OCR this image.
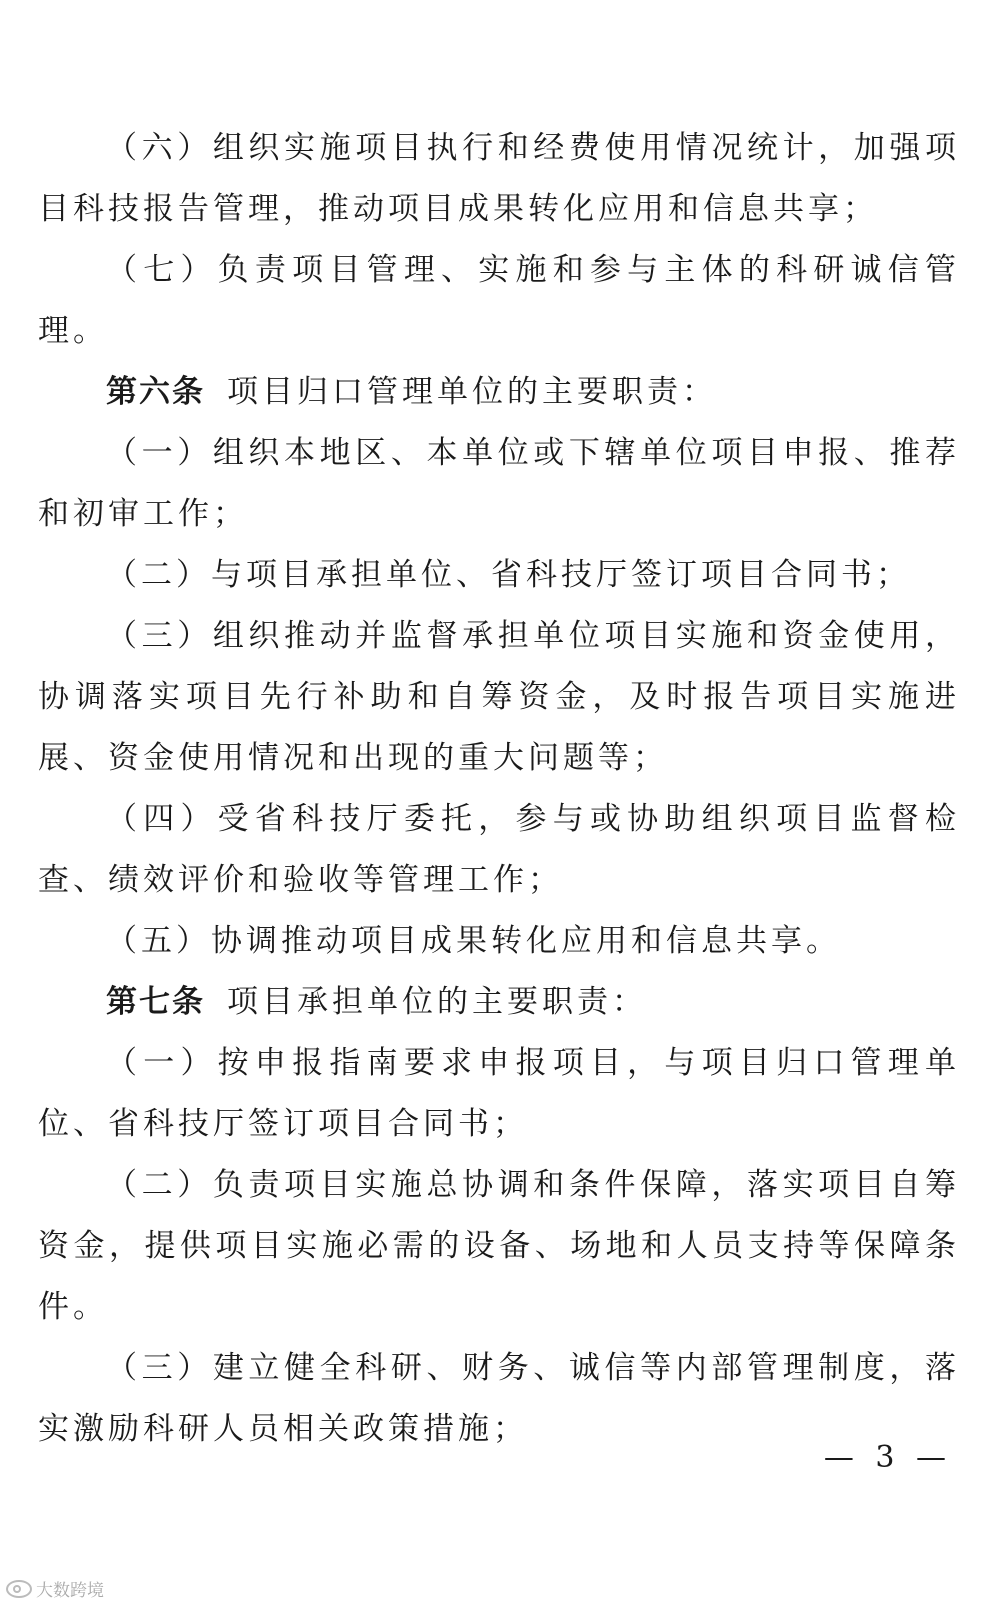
（六）组织实施项目执行和经费使用情况统计，加强项目科技报告管理，推动项目成果转化应用和信息共享；

（七）负责项目管理、实施和参与主体的科研诚信管理。

第六条 项目归口管理单位的主要职责：

（一）组织本地区、本单位或下辖单位项目申报、推荐和初审工作；

（二）与项目承担单位、省科技厅签订项目合同书；

（三）组织推动并监督承担单位项目实施和资金使用，协调落实项目先行补助和自筹资金，及时报告项目实施进展、资金使用情况和出现的重大问题等；

（四）受省科技厅委托，参与或协助组织项目监督检查、绩效评价和验收等管理工作；

（五）协调推动项目成果转化应用和信息共享。

第七条 项目承担单位的主要职责：

（一）按申报指南要求申报项目，与项目归口管理单位、省科技厅签订项目合同书；

（二）负责项目实施总协调和条件保障，落实项目自筹资金，提供项目实施必需的设备、场地和人员支持等保障条件。

（三）建立健全科研、财务、诚信等内部管理制度，落实激励科研人员相关政策措施；

— 3 —
大数跨境
